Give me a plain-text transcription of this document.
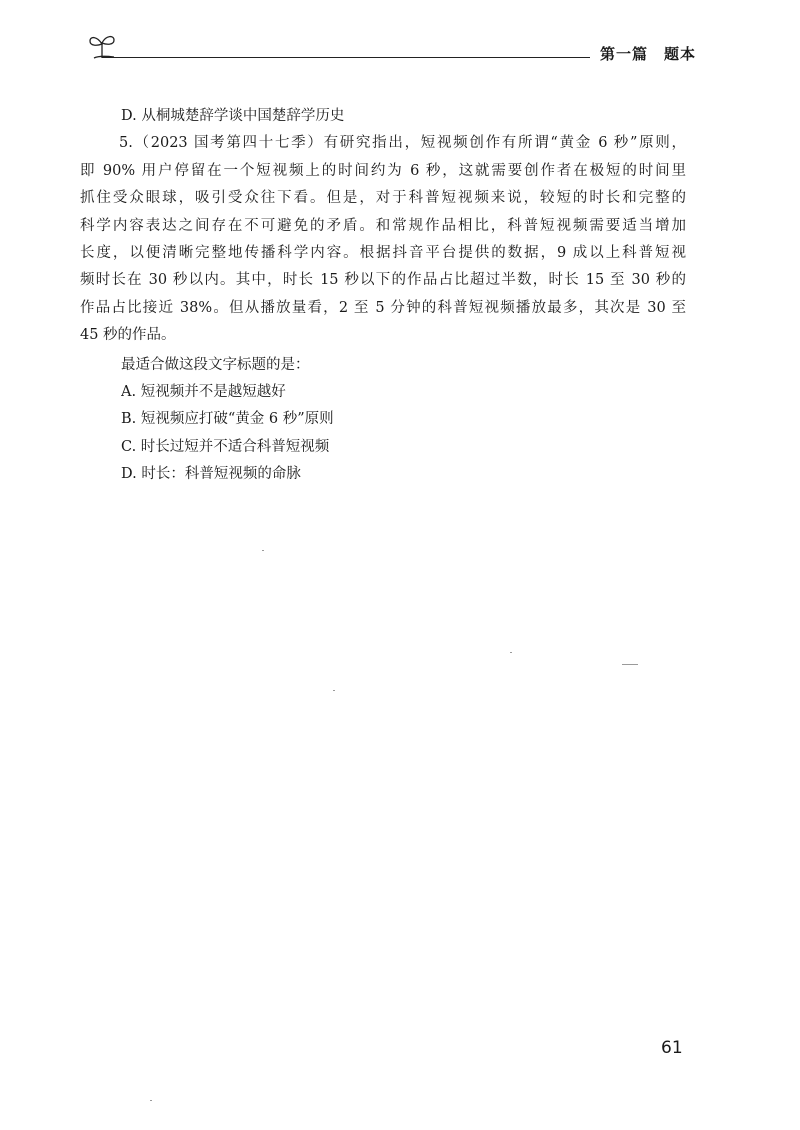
第一篇　题本
D. 从桐城楚辞学谈中国楚辞学历史
5.（2023 国考第四十七季）有研究指出，短视频创作有所谓“黄金 6 秒”原则，
即 90% 用户停留在一个短视频上的时间约为 6 秒，这就需要创作者在极短的时间里
抓住受众眼球，吸引受众往下看。但是，对于科普短视频来说，较短的时长和完整的
科学内容表达之间存在不可避免的矛盾。和常规作品相比，科普短视频需要适当增加
长度，以便清晰完整地传播科学内容。根据抖音平台提供的数据，9 成以上科普短视
频时长在 30 秒以内。其中，时长 15 秒以下的作品占比超过半数，时长 15 至 30 秒的
作品占比接近 38%。但从播放量看，2 至 5 分钟的科普短视频播放最多，其次是 30 至
45 秒的作品。
最适合做这段文字标题的是：
A. 短视频并不是越短越好
B. 短视频应打破“黄金 6 秒”原则
C. 时长过短并不适合科普短视频
D. 时长：科普短视频的命脉
61
